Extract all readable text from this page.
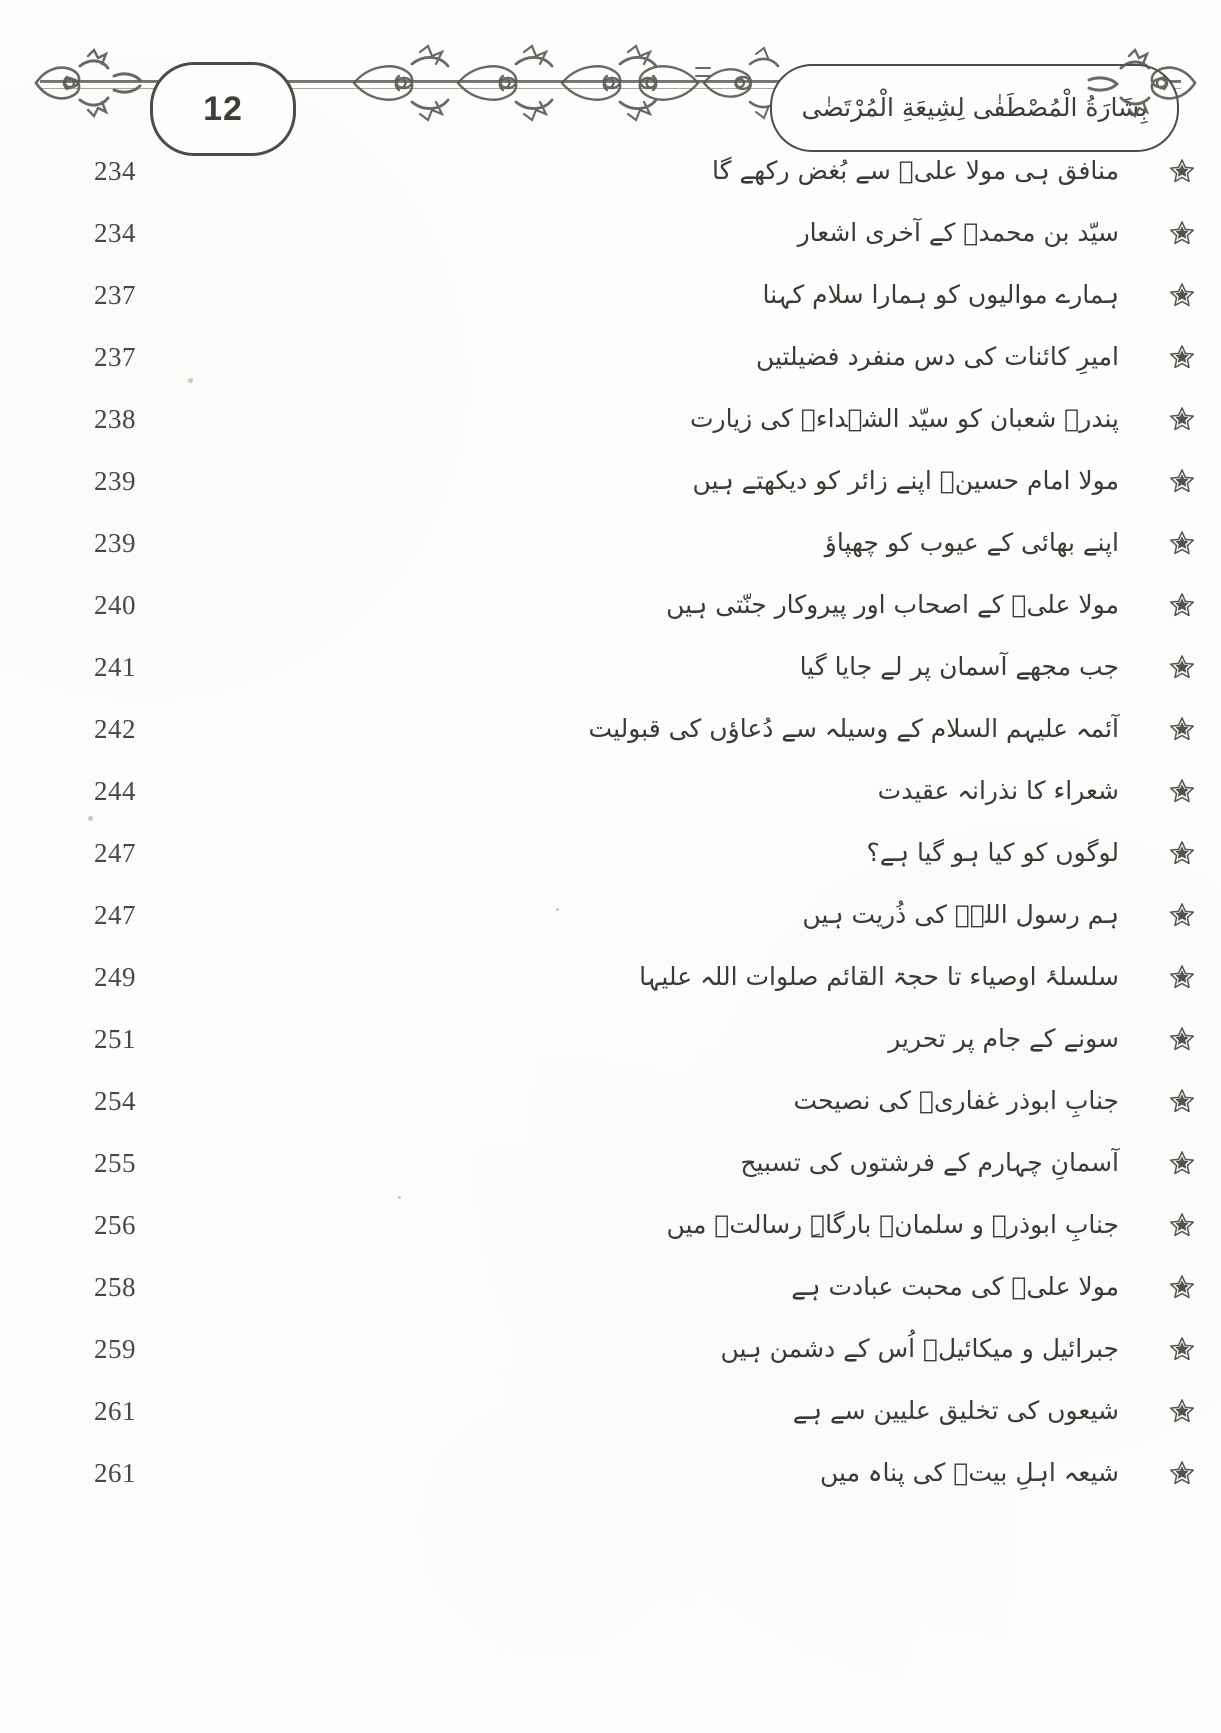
12	بِشَارَةُ الْمُصْطَفٰی لِشِیعَةِ الْمُرْتَضٰی
234	منافق ہی مولا علیؑ سے بُغض رکھے گا
234	سیّد بن محمدؒ کے آخری اشعار
237	ہمارے موالیوں کو ہمارا سلام کہنا
237	امیرِ کائنات کی دس منفرد فضیلتیں
238	پندرہ شعبان کو سیّد الشہداءؑ کی زیارت
239	مولا امام حسینؑ اپنے زائر کو دیکھتے ہیں
239	اپنے بھائی کے عیوب کو چھپاؤ
240	مولا علیؑ کے اصحاب اور پیروکار جنّتی ہیں
241	جب مجھے آسمان پر لے جایا گیا
242	آئمہ علیہم السلام کے وسیلہ سے دُعاؤں کی قبولیت
244	شعراء کا نذرانہ عقیدت
247	لوگوں کو کیا ہو گیا ہے؟
247	ہم رسول اللہؐ کی ذُریت ہیں
249	سلسلۂ اوصیاء تا حجۃ القائم صلوات اللہ علیہا
251	سونے کے جام پر تحریر
254	جنابِ ابوذر غفاریؓ کی نصیحت
255	آسمانِ چہارم کے فرشتوں کی تسبیح
256	جنابِ ابوذرؓ و سلمانؓ بارگاہِ رسالتؐ میں
258	مولا علیؑ کی محبت عبادت ہے
259	جبرائیل و میکائیلؑ اُس کے دشمن ہیں
261	شیعوں کی تخلیق علیین سے ہے
261	شیعہ اہلِ بیتؑ کی پناہ میں
